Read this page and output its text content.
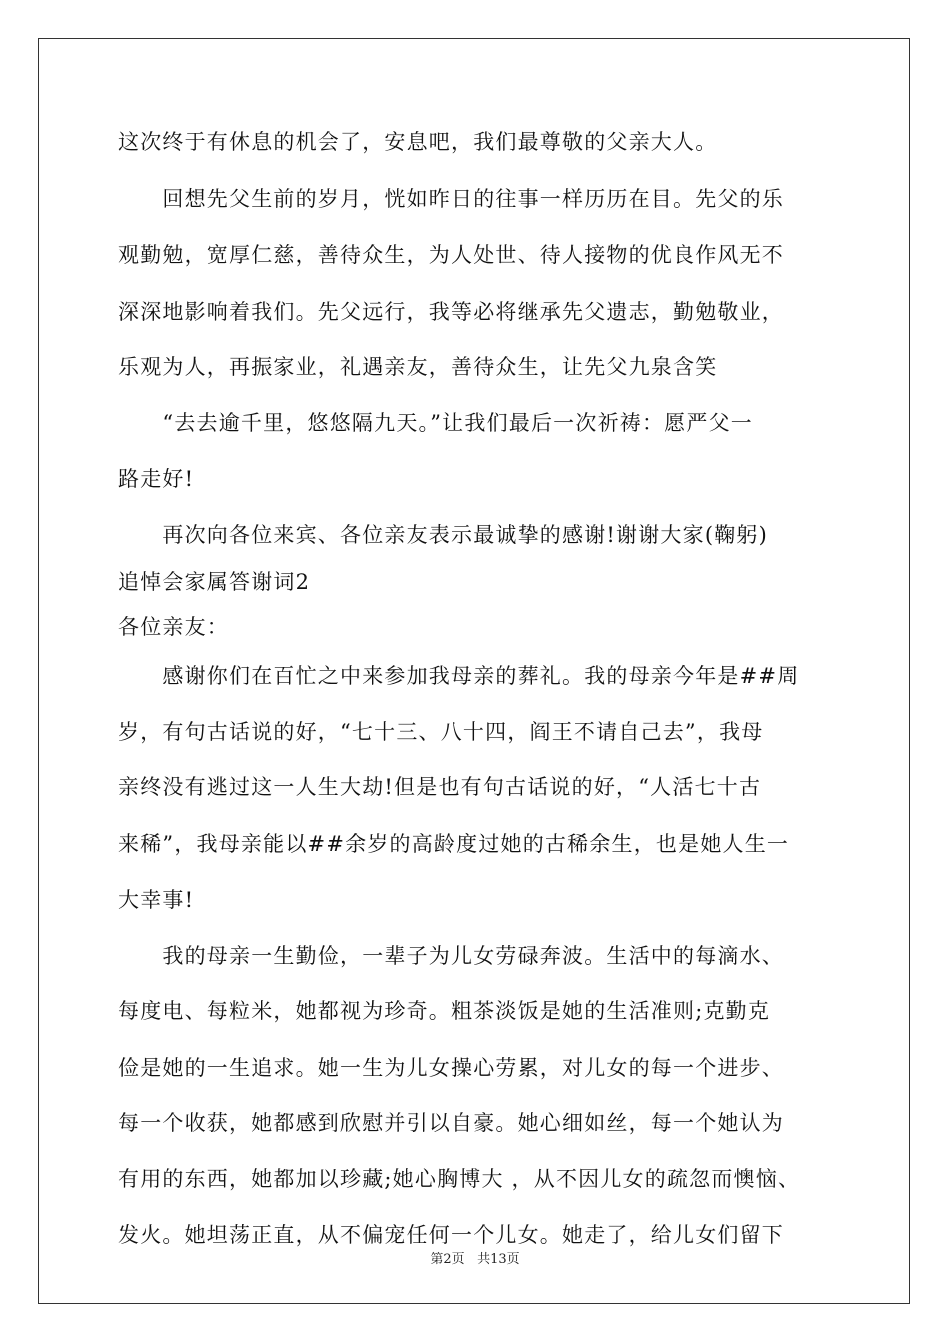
这次终于有休息的机会了，安息吧，我们最尊敬的父亲大人。
　　回想先父生前的岁月，恍如昨日的往事一样历历在目。先父的乐
观勤勉，宽厚仁慈，善待众生，为人处世、待人接物的优良作风无不
深深地影响着我们。先父远行，我等必将继承先父遗志，勤勉敬业，
乐观为人，再振家业，礼遇亲友，善待众生，让先父九泉含笑
　　“去去逾千里，悠悠隔九天。”让我们最后一次祈祷：愿严父一
路走好!
　　再次向各位来宾、各位亲友表示最诚挚的感谢!谢谢大家(鞠躬)
追悼会家属答谢词2
各位亲友：
　　感谢你们在百忙之中来参加我母亲的葬礼。我的母亲今年是##周
岁，有句古话说的好，“七十三、八十四，阎王不请自己去”，我母
亲终没有逃过这一人生大劫!但是也有句古话说的好，“人活七十古
来稀”，我母亲能以##余岁的高龄度过她的古稀余生，也是她人生一
大幸事!
　　我的母亲一生勤俭，一辈子为儿女劳碌奔波。生活中的每滴水、
每度电、每粒米，她都视为珍奇。粗茶淡饭是她的生活准则;克勤克
俭是她的一生追求。她一生为儿女操心劳累，对儿女的每一个进步、
每一个收获，她都感到欣慰并引以自豪。她心细如丝，每一个她认为
有用的东西，她都加以珍藏;她心胸博大 ，从不因儿女的疏忽而懊恼、
发火。她坦荡正直，从不偏宠任何一个儿女。她走了，给儿女们留下
第2页 共13页
